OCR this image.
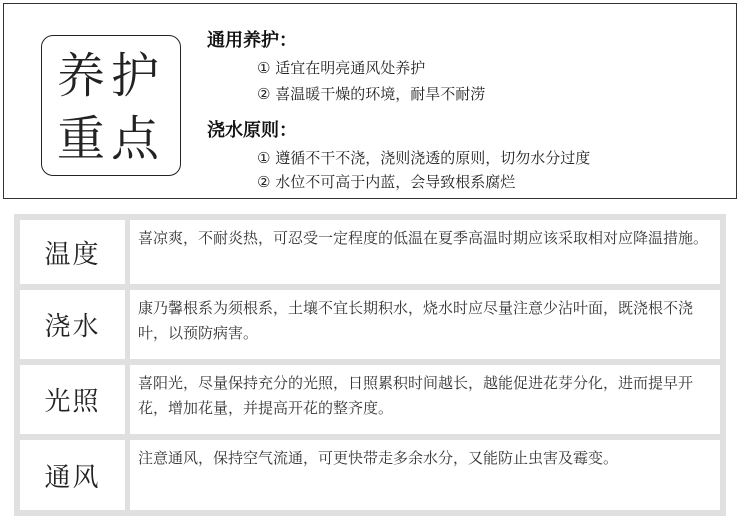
养护
重点
通用养护：
① 适宜在明亮通风处养护
② 喜温暖干燥的环境，耐旱不耐涝
浇水原则：
① 遵循不干不浇，浇则浇透的原则，切勿水分过度
② 水位不可高于内蓝，会导致根系腐烂
温度
喜凉爽，不耐炎热，可忍受一定程度的低温在夏季高温时期应该采取相对应降温措施。
浇水
康乃馨根系为须根系，土壤不宜长期积水，烧水时应尽量注意少沾叶面，既浇根不浇叶，以预防病害。
光照
喜阳光，尽量保持充分的光照，日照累积时间越长，越能促进花芽分化，进而提早开花，增加花量，并提高开花的整齐度。
通风
注意通风，保持空气流通，可更快带走多余水分，又能防止虫害及霉变。
